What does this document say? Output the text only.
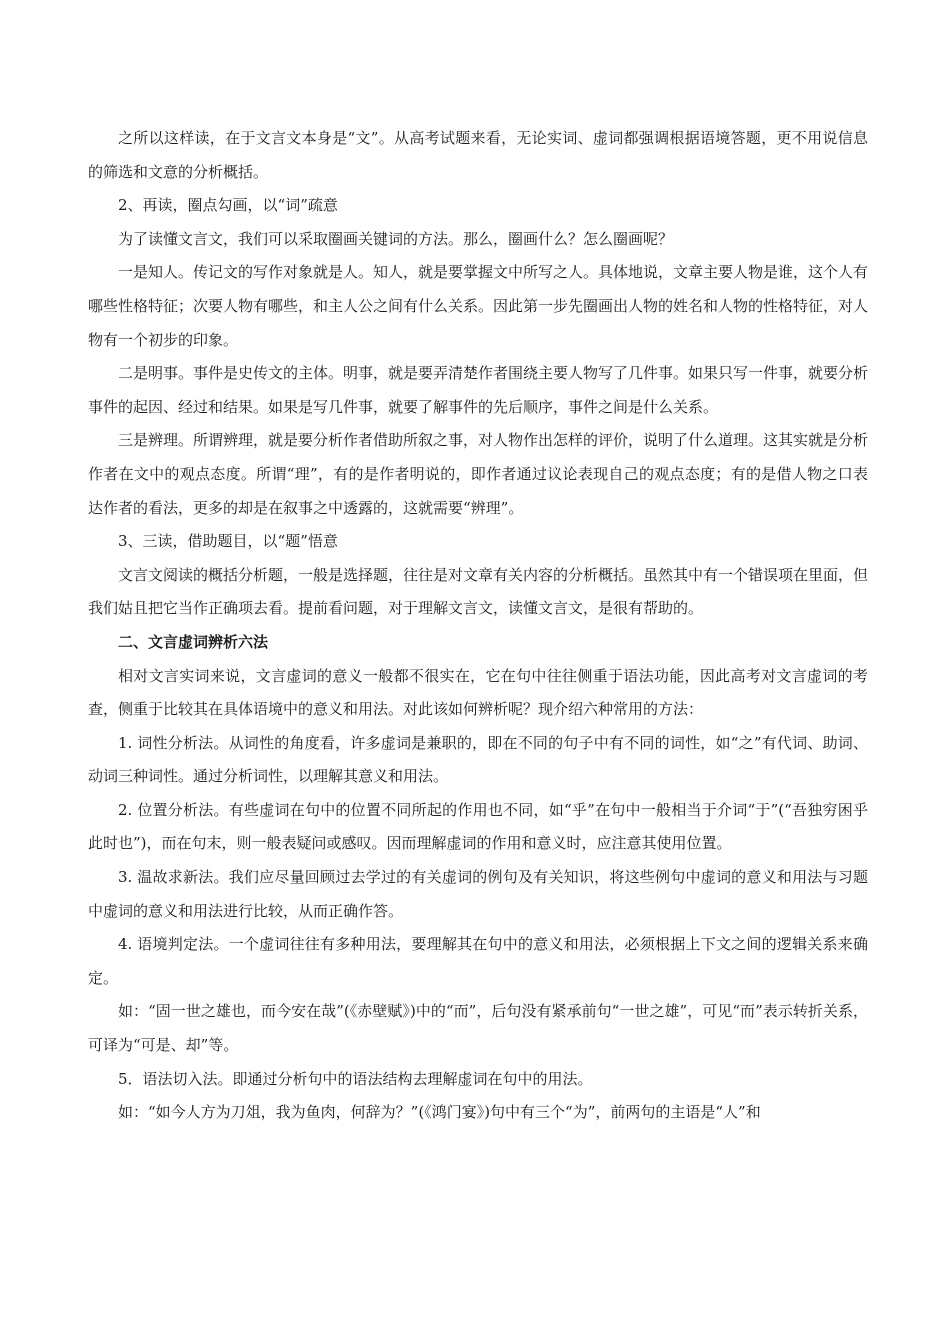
之所以这样读，在于文言文本身是“文”。从高考试题来看，无论实词、虚词都强调根据语境答题，更不用说信息的筛选和文意的分析概括。

2、再读，圈点勾画，以“词”疏意

为了读懂文言文，我们可以采取圈画关键词的方法。那么，圈画什么？怎么圈画呢？

一是知人。传记文的写作对象就是人。知人，就是要掌握文中所写之人。具体地说，文章主要人物是谁，这个人有哪些性格特征；次要人物有哪些，和主人公之间有什么关系。因此第一步先圈画出人物的姓名和人物的性格特征，对人物有一个初步的印象。

二是明事。事件是史传文的主体。明事，就是要弄清楚作者围绕主要人物写了几件事。如果只写一件事，就要分析事件的起因、经过和结果。如果是写几件事，就要了解事件的先后顺序，事件之间是什么关系。

三是辨理。所谓辨理，就是要分析作者借助所叙之事，对人物作出怎样的评价，说明了什么道理。这其实就是分析作者在文中的观点态度。所谓“理”，有的是作者明说的，即作者通过议论表现自己的观点态度；有的是借人物之口表达作者的看法，更多的却是在叙事之中透露的，这就需要“辨理”。

3、三读，借助题目，以“题”悟意

文言文阅读的概括分析题，一般是选择题，往往是对文章有关内容的分析概括。虽然其中有一个错误项在里面，但我们姑且把它当作正确项去看。提前看问题，对于理解文言文，读懂文言文，是很有帮助的。

二、文言虚词辨析六法

相对文言实词来说，文言虚词的意义一般都不很实在，它在句中往往侧重于语法功能，因此高考对文言虚词的考查，侧重于比较其在具体语境中的意义和用法。对此该如何辨析呢？现介绍六种常用的方法：

1. 词性分析法。从词性的角度看，许多虚词是兼职的，即在不同的句子中有不同的词性，如“之”有代词、助词、动词三种词性。通过分析词性，以理解其意义和用法。

2. 位置分析法。有些虚词在句中的位置不同所起的作用也不同，如“乎”在句中一般相当于介词“于”(“吾独穷困乎此时也”)，而在句末，则一般表疑问或感叹。因而理解虚词的作用和意义时，应注意其使用位置。

3. 温故求新法。我们应尽量回顾过去学过的有关虚词的例句及有关知识，将这些例句中虚词的意义和用法与习题中虚词的意义和用法进行比较，从而正确作答。

4. 语境判定法。一个虚词往往有多种用法，要理解其在句中的意义和用法，必须根据上下文之间的逻辑关系来确定。

如：“固一世之雄也，而今安在哉”(《赤壁赋》)中的“而”，后句没有紧承前句“一世之雄”，可见“而”表示转折关系，可译为“可是、却”等。

5．语法切入法。即通过分析句中的语法结构去理解虚词在句中的用法。

如：“如今人方为刀俎，我为鱼肉，何辞为？”(《鸿门宴》)句中有三个“为”，前两句的主语是“人”和
